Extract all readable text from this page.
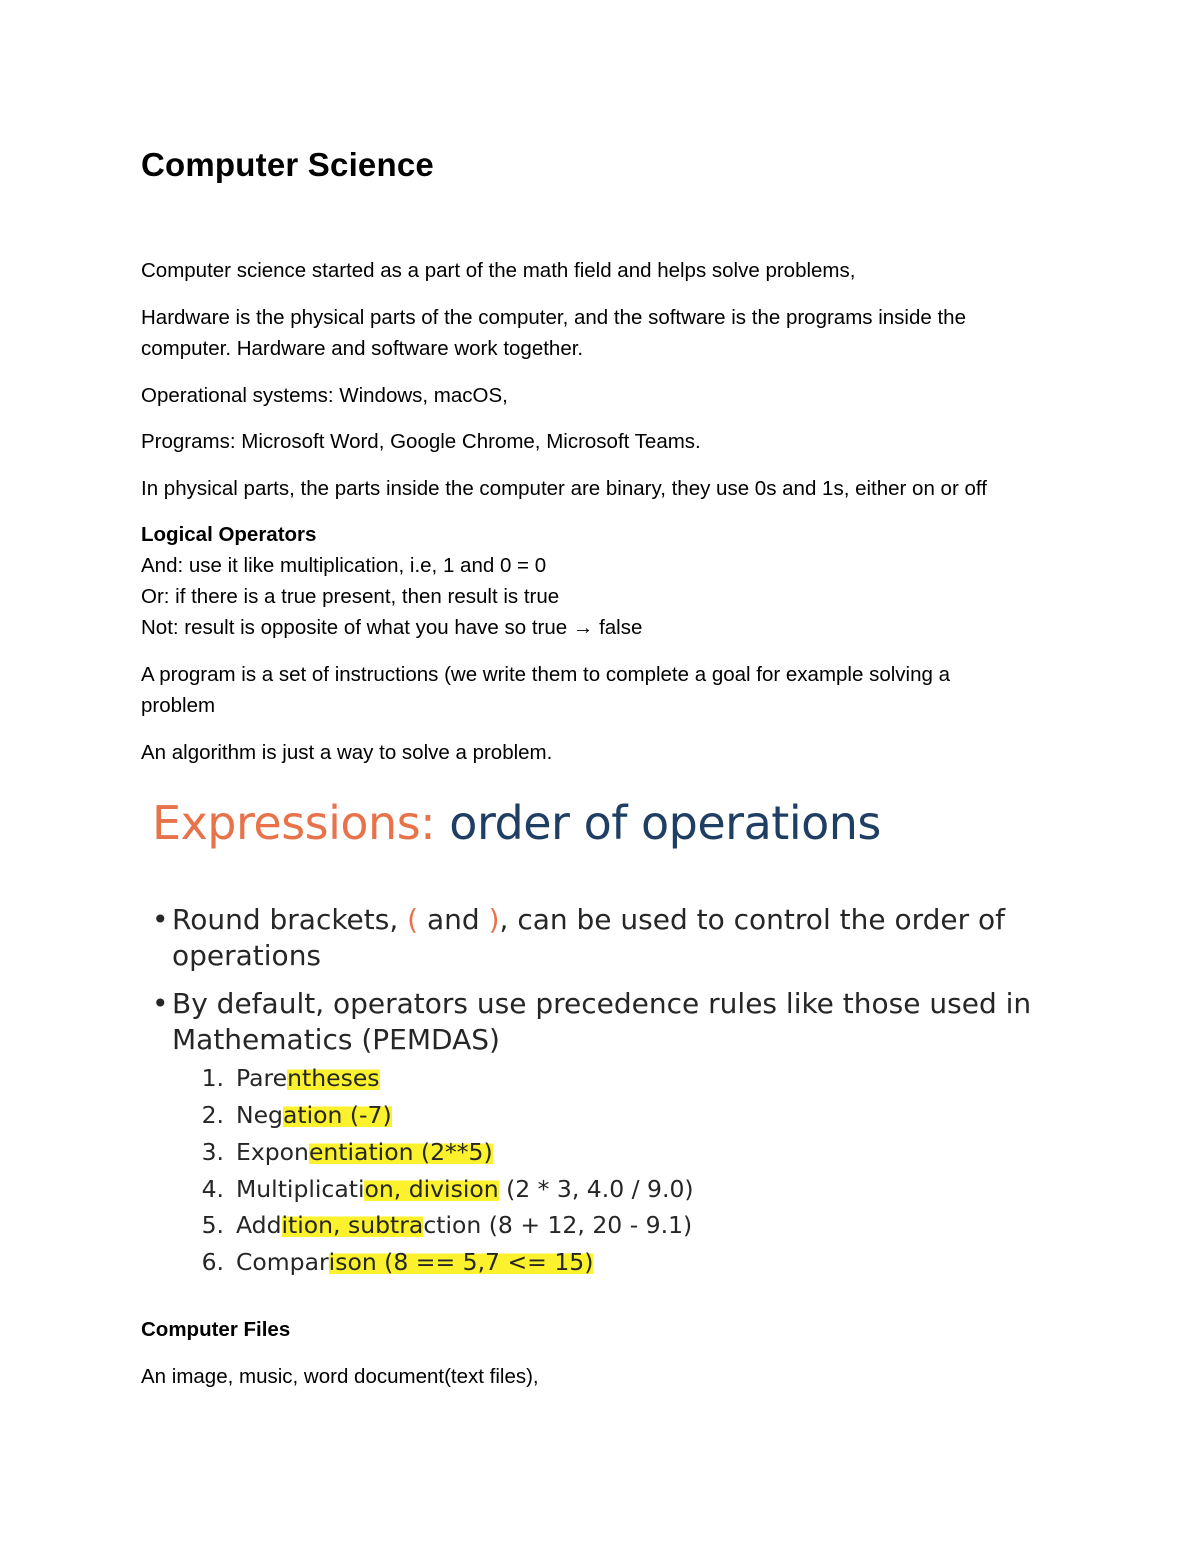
Computer Science
Computer science started as a part of the math field and helps solve problems,
Hardware is the physical parts of the computer, and the software is the programs inside the
computer. Hardware and software work together.
Operational systems: Windows, macOS,
Programs: Microsoft Word, Google Chrome, Microsoft Teams.
In physical parts, the parts inside the computer are binary, they use 0s and 1s, either on or off
Logical Operators
And: use it like multiplication, i.e, 1 and 0 = 0
Or: if there is a true present, then result is true
Not: result is opposite of what you have so true → false
A program is a set of instructions (we write them to complete a goal for example solving a
problem
An algorithm is just a way to solve a problem.
Expressions: order of operations
• Round brackets, ( and ), can be used to control the order of
operations
• By default, operators use precedence rules like those used in
Mathematics (PEMDAS)
1. Parentheses
2. Negation (-7)
3. Exponentiation (2**5)
4. Multiplication, division (2 * 3, 4.0 / 9.0)
5. Addition, subtraction (8 + 12, 20 - 9.1)
6. Comparison (8 == 5,7 <= 15)
Computer Files
An image, music, word document(text files),
